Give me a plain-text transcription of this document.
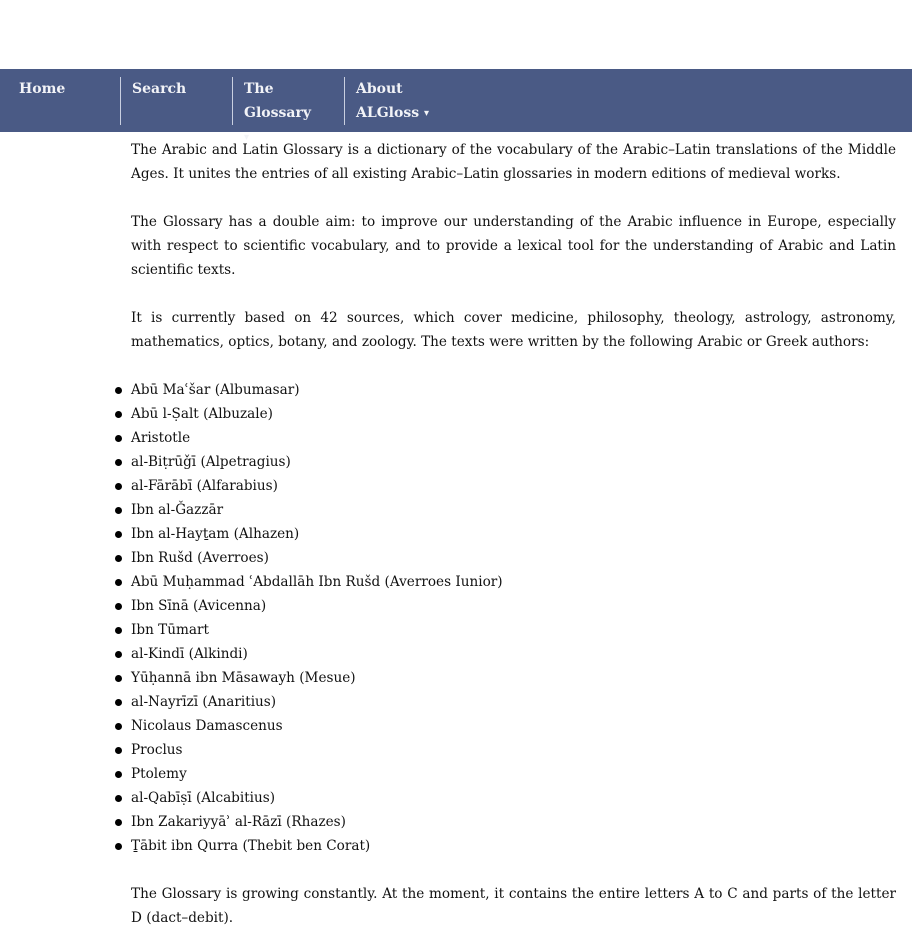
Home	Search	The Glossary
▾
About
ALGloss ▾

The Arabic and Latin Glossary is a dictionary of the vocabulary of the Arabic–Latin translations of the Middle Ages. It unites the entries of all existing Arabic–Latin glossaries in modern editions of medieval works.

The Glossary has a double aim: to improve our understanding of the Arabic influence in Europe, especially with respect to scientific vocabulary, and to provide a lexical tool for the understanding of Arabic and Latin scientific texts.

It is currently based on 42 sources, which cover medicine, philosophy, theology, astrology, astronomy, mathematics, optics, botany, and zoology. The texts were written by the following Arabic or Greek authors:

Abū Maʿšar (Albumasar)
Abū l-Ṣalt (Albuzale)
Aristotle
al-Biṭrūǧī (Alpetragius)
al-Fārābī (Alfarabius)
Ibn al-Ǧazzār
Ibn al-Hayṯam (Alhazen)
Ibn Rušd (Averroes)
Abū Muḥammad ʿAbdallāh Ibn Rušd (Averroes Iunior)
Ibn Sīnā (Avicenna)
Ibn Tūmart
al-Kindī (Alkindi)
Yūḥannā ibn Māsawayh (Mesue)
al-Nayrīzī (Anaritius)
Nicolaus Damascenus
Proclus
Ptolemy
al-Qabīṣī (Alcabitius)
Ibn Zakariyyāʾ al-Rāzī (Rhazes)
Ṯābit ibn Qurra (Thebit ben Corat)

The Glossary is growing constantly. At the moment, it contains the entire letters A to C and parts of the letter D (dact–debit).
